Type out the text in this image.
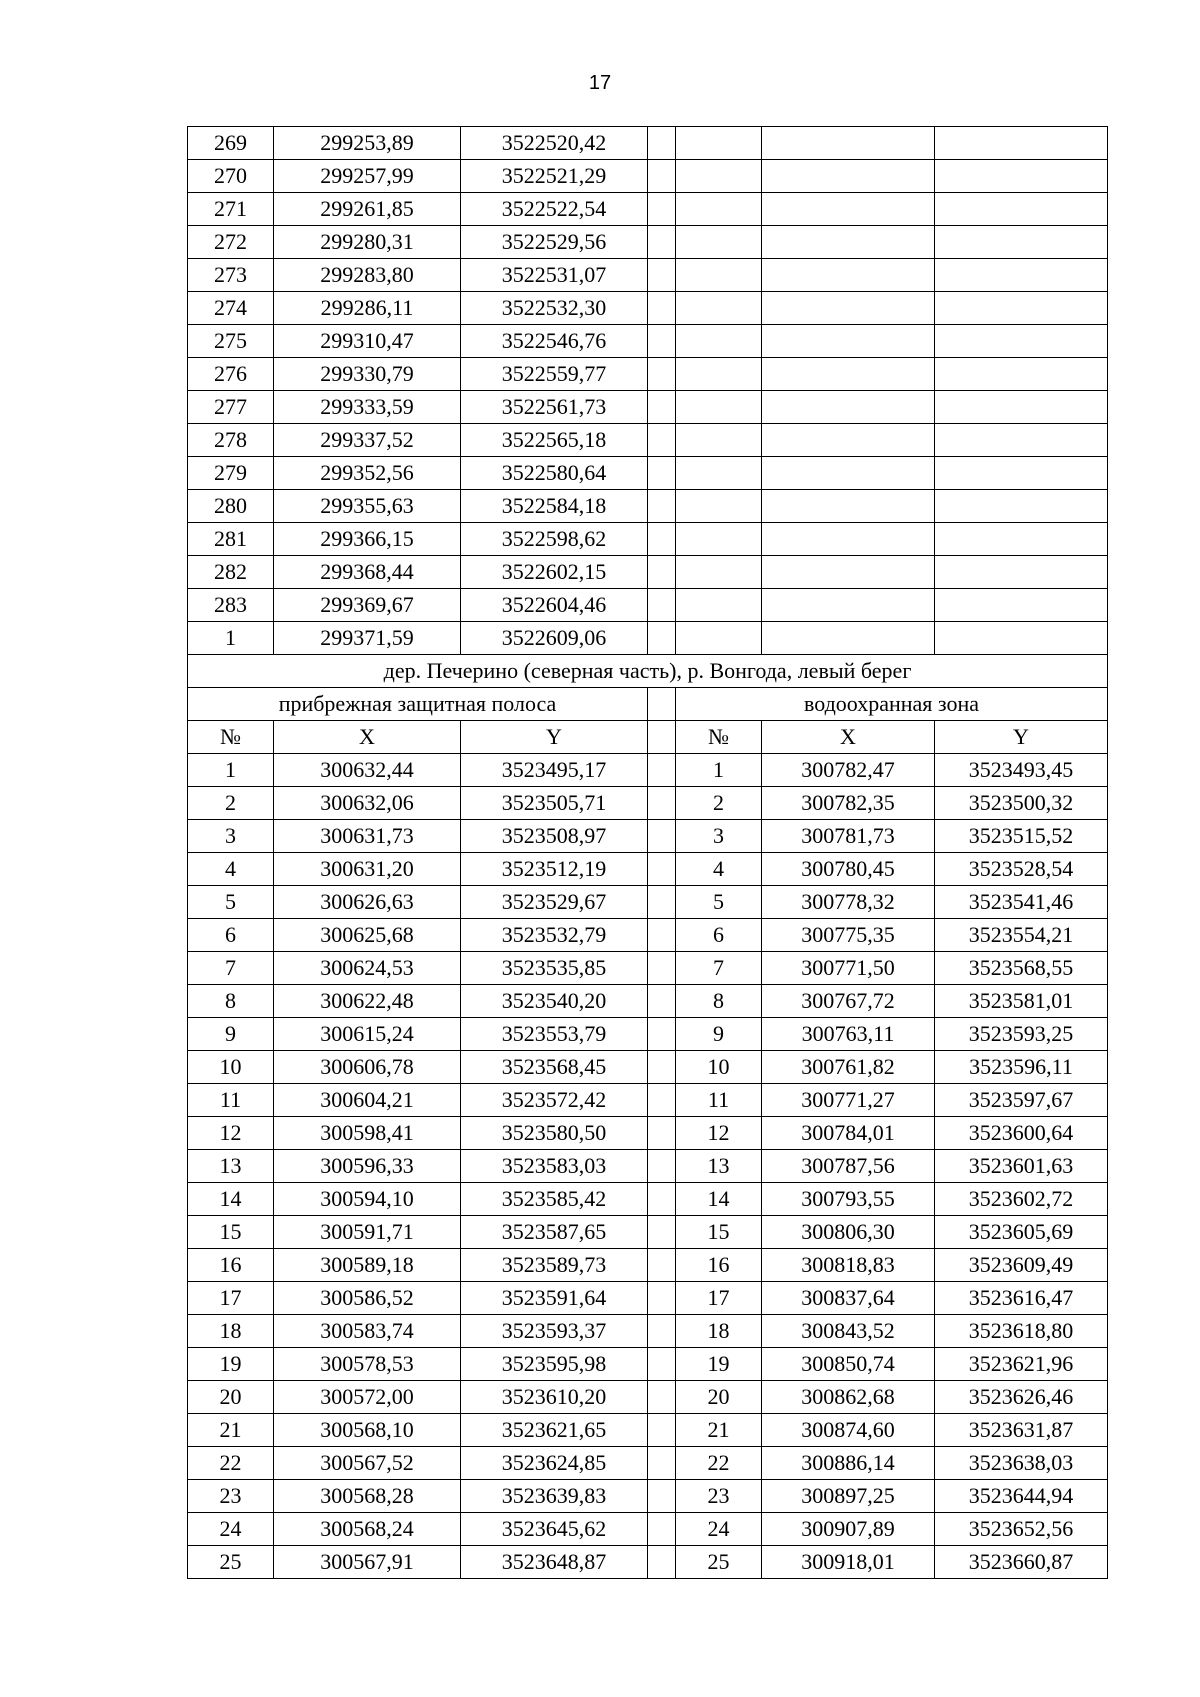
17
269	299253,89	3522520,42				
270	299257,99	3522521,29				
271	299261,85	3522522,54				
272	299280,31	3522529,56				
273	299283,80	3522531,07				
274	299286,11	3522532,30				
275	299310,47	3522546,76				
276	299330,79	3522559,77				
277	299333,59	3522561,73				
278	299337,52	3522565,18				
279	299352,56	3522580,64				
280	299355,63	3522584,18				
281	299366,15	3522598,62				
282	299368,44	3522602,15				
283	299369,67	3522604,46				
1	299371,59	3522609,06				
дер. Печерино (северная часть), р. Вонгода, левый берег						
прибрежная защитная полоса				водоохранная зона		
№	X	Y		№	X	Y
1	300632,44	3523495,17		1	300782,47	3523493,45
2	300632,06	3523505,71		2	300782,35	3523500,32
3	300631,73	3523508,97		3	300781,73	3523515,52
4	300631,20	3523512,19		4	300780,45	3523528,54
5	300626,63	3523529,67		5	300778,32	3523541,46
6	300625,68	3523532,79		6	300775,35	3523554,21
7	300624,53	3523535,85		7	300771,50	3523568,55
8	300622,48	3523540,20		8	300767,72	3523581,01
9	300615,24	3523553,79		9	300763,11	3523593,25
10	300606,78	3523568,45		10	300761,82	3523596,11
11	300604,21	3523572,42		11	300771,27	3523597,67
12	300598,41	3523580,50		12	300784,01	3523600,64
13	300596,33	3523583,03		13	300787,56	3523601,63
14	300594,10	3523585,42		14	300793,55	3523602,72
15	300591,71	3523587,65		15	300806,30	3523605,69
16	300589,18	3523589,73		16	300818,83	3523609,49
17	300586,52	3523591,64		17	300837,64	3523616,47
18	300583,74	3523593,37		18	300843,52	3523618,80
19	300578,53	3523595,98		19	300850,74	3523621,96
20	300572,00	3523610,20		20	300862,68	3523626,46
21	300568,10	3523621,65		21	300874,60	3523631,87
22	300567,52	3523624,85		22	300886,14	3523638,03
23	300568,28	3523639,83		23	300897,25	3523644,94
24	300568,24	3523645,62		24	300907,89	3523652,56
25	300567,91	3523648,87		25	300918,01	3523660,87
